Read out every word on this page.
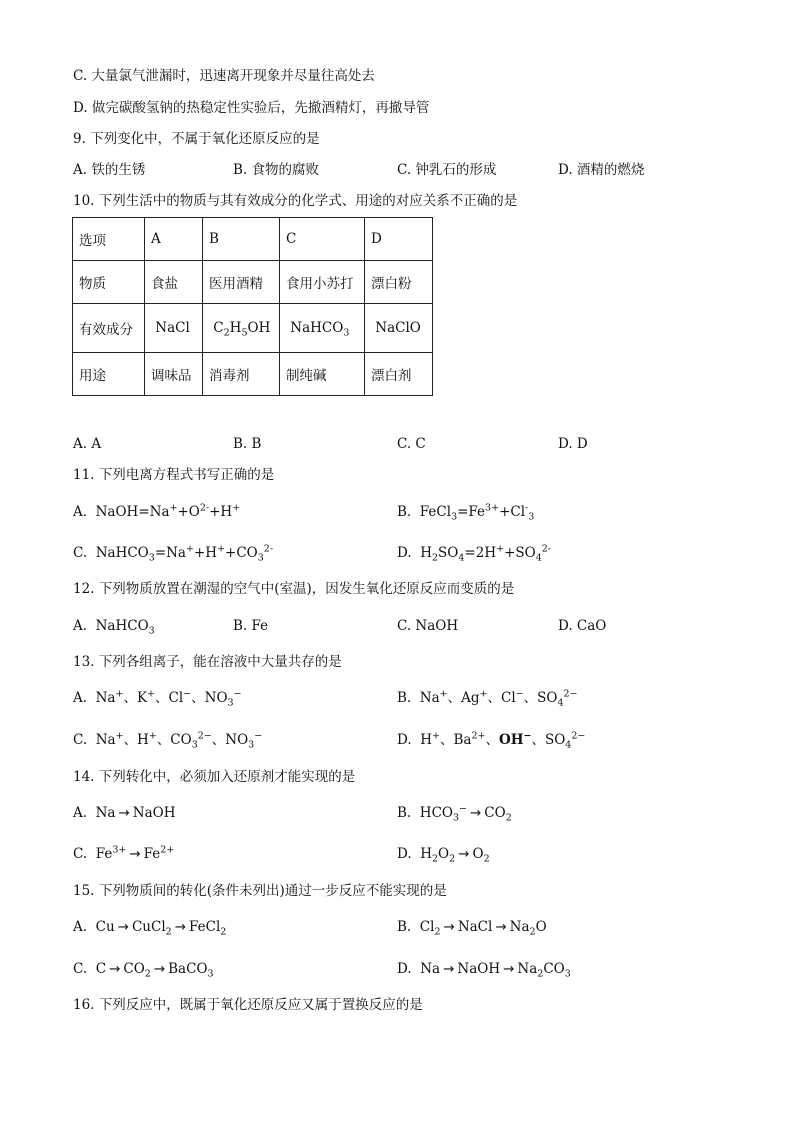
C. 大量氯气泄漏时，迅速离开现象并尽量往高处去
D. 做完碳酸氢钠的热稳定性实验后，先撤酒精灯，再撤导管
9. 下列变化中，不属于氧化还原反应的是
A. 铁的生锈	B. 食物的腐败	C. 钟乳石的形成	D. 酒精的燃烧
10. 下列生活中的物质与其有效成分的化学式、用途的对应关系不正确的是
选项	A	B	C	D
物质	食盐	医用酒精	食用小苏打	漂白粉
有效成分	NaCl	$C_2H_5OH$	NaHCO$_3$	NaClO
用途	调味品	消毒剂	制纯碱	漂白剂
A. A	B. B	C. C	D. D
11. 下列电离方程式书写正确的是
A.  $NaOH=Na^++O^{2-}+H^+$	B.  $FeCl_3=Fe^{3+}+Cl^-_3$
C.  $NaHCO_3=Na^++H^++CO_3^{2-}$	D.  $H_2SO_4=2H^++SO_4^{2-}$
12. 下列物质放置在潮湿的空气中(室温)，因发生氧化还原反应而变质的是
A.  NaHCO$_3$	B. Fe	C. NaOH	D. CaO
13. 下列各组离子，能在溶液中大量共存的是
A.  Na+、K+、Cl−、$NO_3^-$	B.  Na+、Ag+、Cl−、$SO_4^{2-}$
C.  Na+、H+、$CO_3^{2-}$、$NO_3^-$	D.  H+、$Ba^{2+}$、OH−、$SO_4^{2-}$
14. 下列转化中，必须加入还原剂才能实现的是
A.  Na → NaOH	B.  $HCO_3^- \to CO_2$
C.  $Fe^{3+} \to Fe^{2+}$	D.  $H_2O_2 \to O_2$
15. 下列物质间的转化(条件未列出)通过一步反应不能实现的是
A.  Cu → CuCl$_2$ → FeCl$_2$	B.  $Cl_2$ → NaCl → $Na_2O$
C.  $C \to CO_2$ → BaCO$_3$	D.  Na → NaOH → $Na_2CO_3$
16. 下列反应中，既属于氧化还原反应又属于置换反应的是
